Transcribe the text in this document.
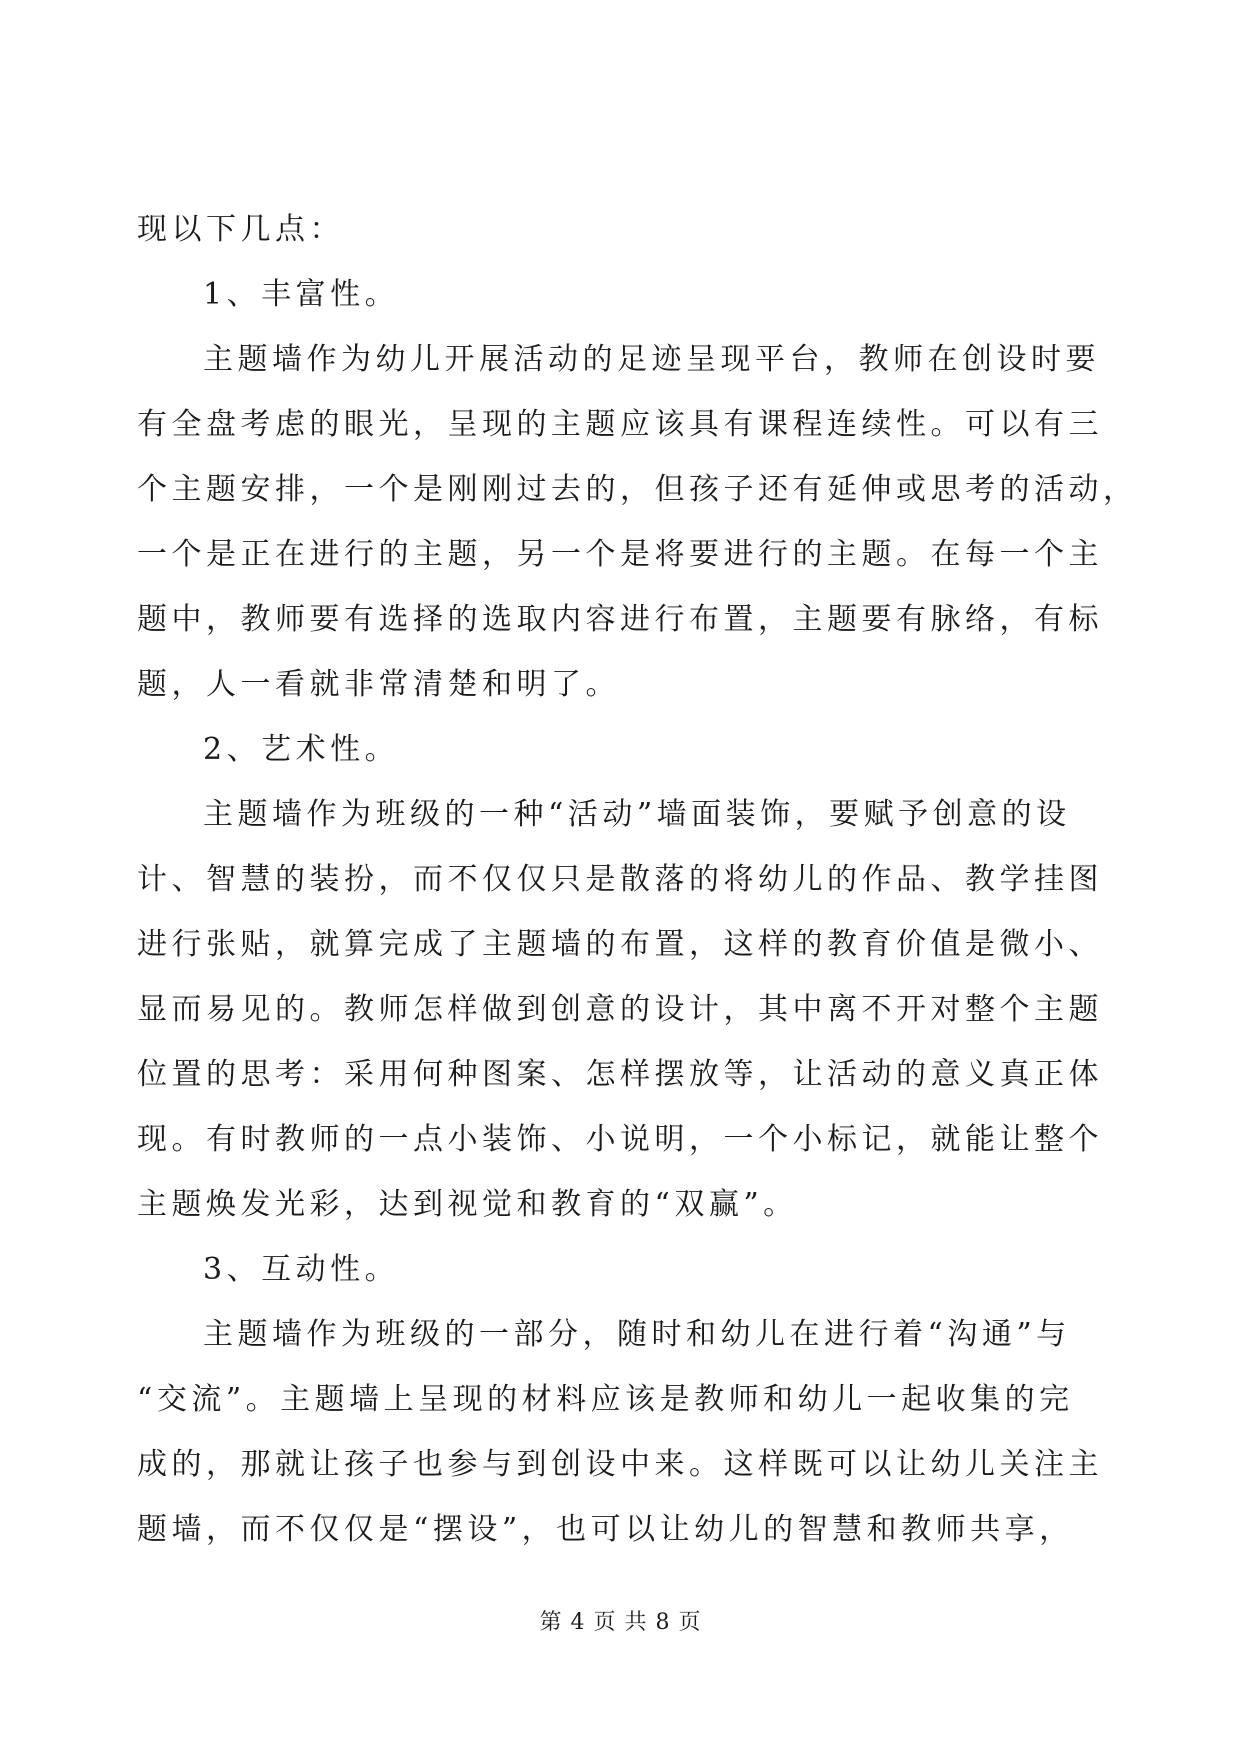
现以下几点：
1、丰富性。
主题墙作为幼儿开展活动的足迹呈现平台，教师在创设时要
有全盘考虑的眼光，呈现的主题应该具有课程连续性。可以有三
个主题安排，一个是刚刚过去的，但孩子还有延伸或思考的活动，
一个是正在进行的主题，另一个是将要进行的主题。在每一个主
题中，教师要有选择的选取内容进行布置，主题要有脉络，有标
题，人一看就非常清楚和明了。
2、艺术性。
主题墙作为班级的一种“活动”墙面装饰，要赋予创意的设
计、智慧的装扮，而不仅仅只是散落的将幼儿的作品、教学挂图
进行张贴，就算完成了主题墙的布置，这样的教育价值是微小、
显而易见的。教师怎样做到创意的设计，其中离不开对整个主题
位置的思考：采用何种图案、怎样摆放等，让活动的意义真正体
现。有时教师的一点小装饰、小说明，一个小标记，就能让整个
主题焕发光彩，达到视觉和教育的“双赢”。
3、互动性。
主题墙作为班级的一部分，随时和幼儿在进行着“沟通”与
“交流”。主题墙上呈现的材料应该是教师和幼儿一起收集的完
成的，那就让孩子也参与到创设中来。这样既可以让幼儿关注主
题墙，而不仅仅是“摆设”，也可以让幼儿的智慧和教师共享，
第 4 页 共 8 页
